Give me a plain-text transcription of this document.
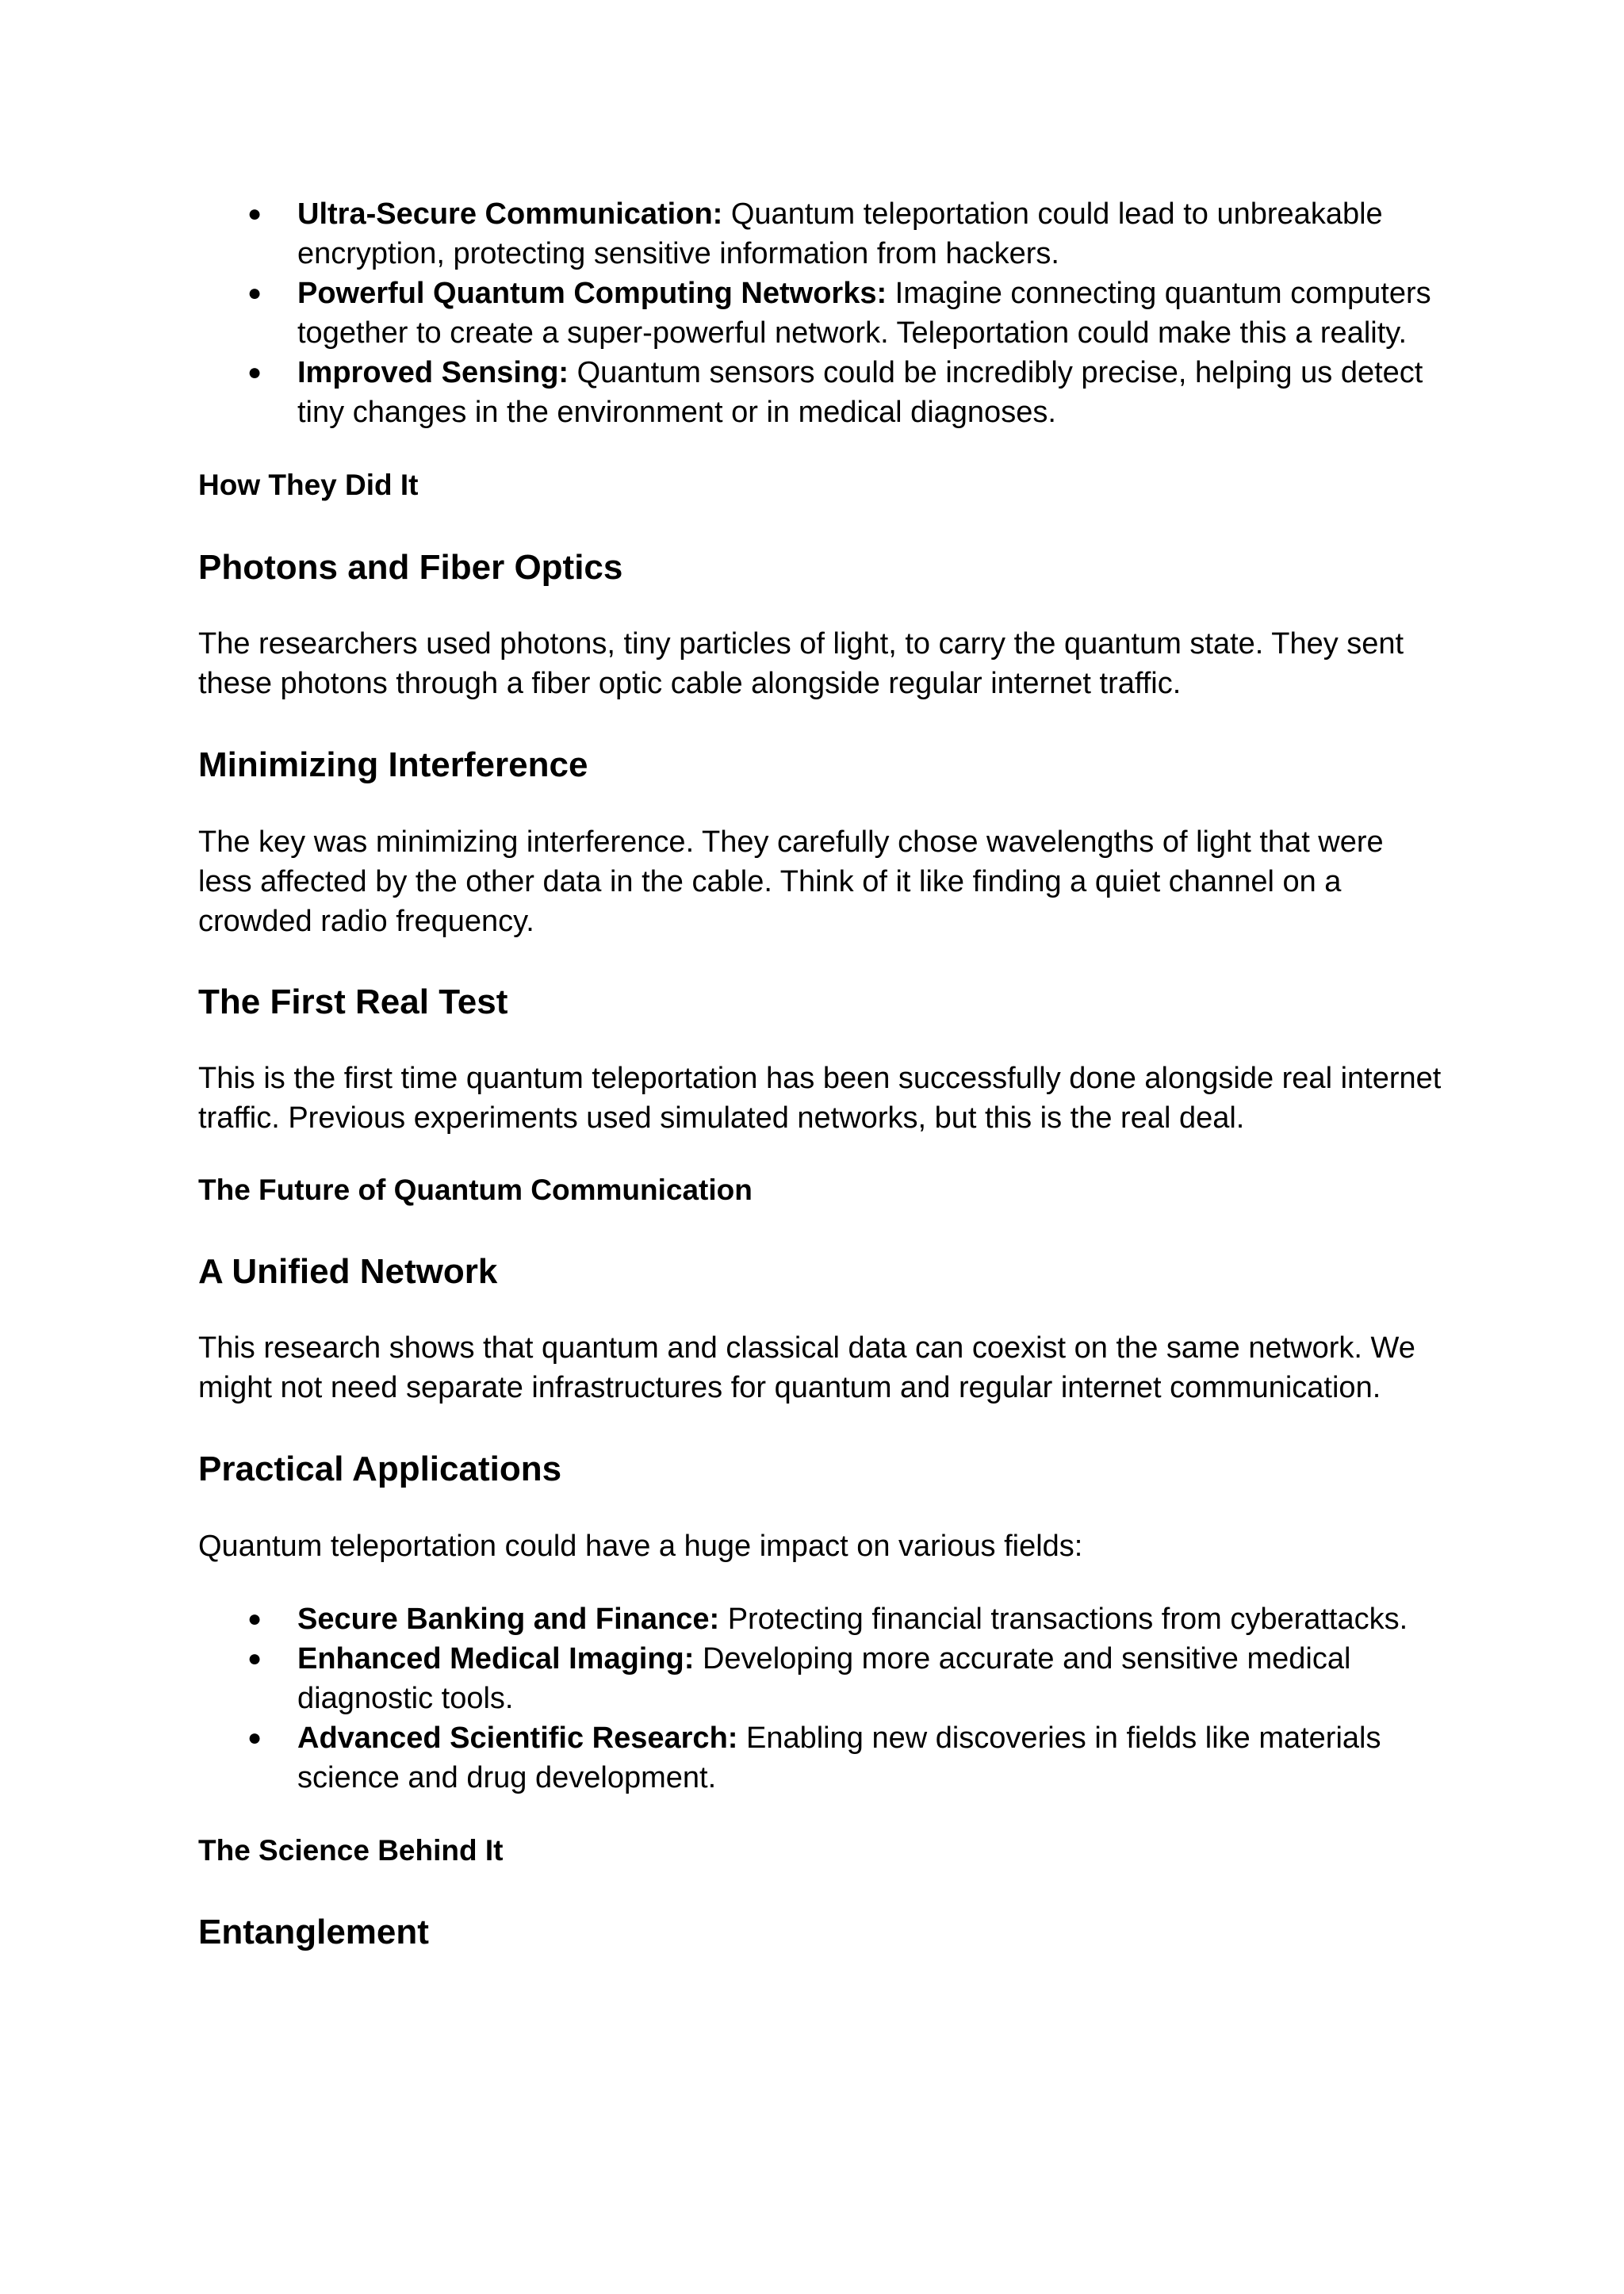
● Ultra-Secure Communication: Quantum teleportation could lead to unbreakable encryption, protecting sensitive information from hackers.
● Powerful Quantum Computing Networks: Imagine connecting quantum computers together to create a super-powerful network. Teleportation could make this a reality.
● Improved Sensing: Quantum sensors could be incredibly precise, helping us detect tiny changes in the environment or in medical diagnoses.
How They Did It
Photons and Fiber Optics

The researchers used photons, tiny particles of light, to carry the quantum state. They sent these photons through a fiber optic cable alongside regular internet traffic.

Minimizing Interference

The key was minimizing interference. They carefully chose wavelengths of light that were less affected by the other data in the cable. Think of it like finding a quiet channel on a crowded radio frequency.

The First Real Test

This is the first time quantum teleportation has been successfully done alongside real internet traffic. Previous experiments used simulated networks, but this is the real deal.

The Future of Quantum Communication
A Unified Network

This research shows that quantum and classical data can coexist on the same network. We might not need separate infrastructures for quantum and regular internet communication.

Practical Applications

Quantum teleportation could have a huge impact on various fields:

● Secure Banking and Finance: Protecting financial transactions from cyberattacks.
● Enhanced Medical Imaging: Developing more accurate and sensitive medical diagnostic tools.
● Advanced Scientific Research: Enabling new discoveries in fields like materials science and drug development.
The Science Behind It
Entanglement
